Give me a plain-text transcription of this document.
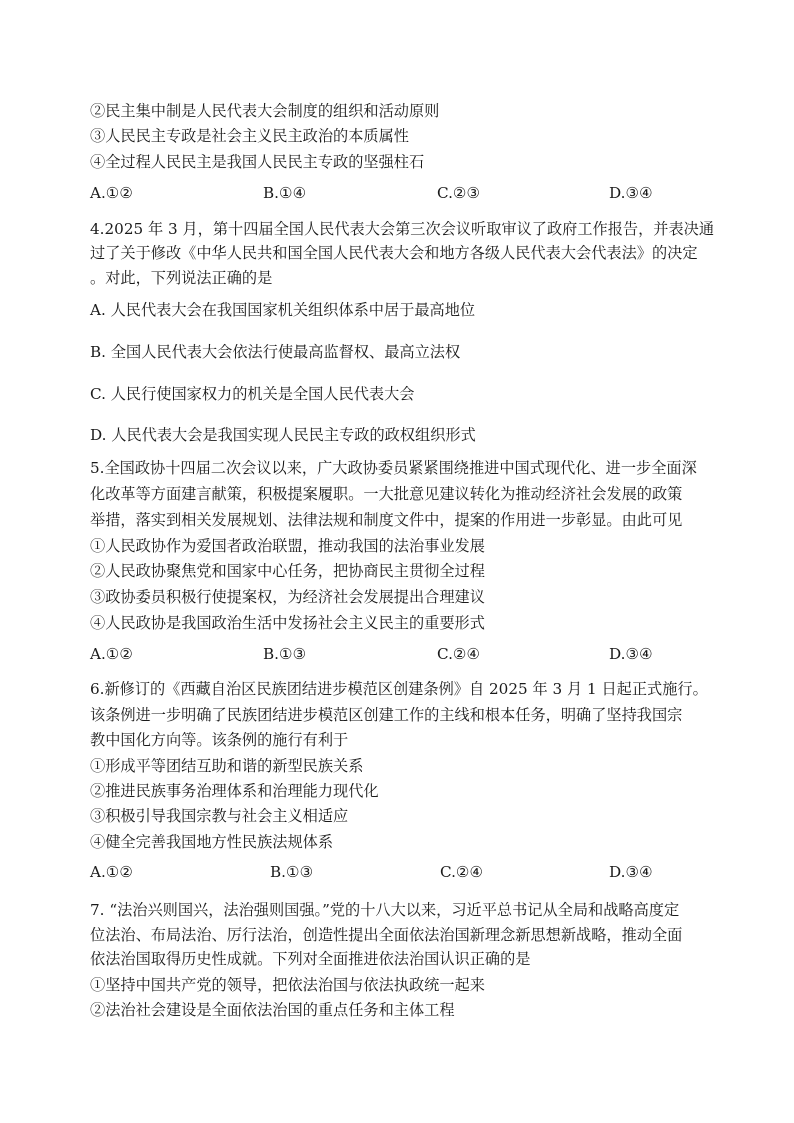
②民主集中制是人民代表大会制度的组织和活动原则
③人民民主专政是社会主义民主政治的本质属性
④全过程人民民主是我国人民民主专政的坚强柱石
A.①②	B.①④	C.②③	D.③④
4.2025 年 3 月，第十四届全国人民代表大会第三次会议听取审议了政府工作报告，并表决通
过了关于修改《中华人民共和国全国人民代表大会和地方各级人民代表大会代表法》的决定
。对此，下列说法正确的是
A. 人民代表大会在我国国家机关组织体系中居于最高地位
B. 全国人民代表大会依法行使最高监督权、最高立法权
C. 人民行使国家权力的机关是全国人民代表大会
D. 人民代表大会是我国实现人民民主专政的政权组织形式
5.全国政协十四届二次会议以来，广大政协委员紧紧围绕推进中国式现代化、进一步全面深
化改革等方面建言献策，积极提案履职。一大批意见建议转化为推动经济社会发展的政策
举措，落实到相关发展规划、法律法规和制度文件中，提案的作用进一步彰显。由此可见
①人民政协作为爱国者政治联盟，推动我国的法治事业发展
②人民政协聚焦党和国家中心任务，把协商民主贯彻全过程
③政协委员积极行使提案权，为经济社会发展提出合理建议
④人民政协是我国政治生活中发扬社会主义民主的重要形式
A.①②	B.①③	C.②④	D.③④
6.新修订的《西藏自治区民族团结进步模范区创建条例》自 2025 年 3 月 1 日起正式施行。
该条例进一步明确了民族团结进步模范区创建工作的主线和根本任务，明确了坚持我国宗
教中国化方向等。该条例的施行有利于
①形成平等团结互助和谐的新型民族关系
②推进民族事务治理体系和治理能力现代化
③积极引导我国宗教与社会主义相适应
④健全完善我国地方性民族法规体系
A.①②	B.①③	C.②④	D.③④
7. “法治兴则国兴，法治强则国强。”党的十八大以来，习近平总书记从全局和战略高度定
位法治、布局法治、厉行法治，创造性提出全面依法治国新理念新思想新战略，推动全面
依法治国取得历史性成就。下列对全面推进依法治国认识正确的是
①坚持中国共产党的领导，把依法治国与依法执政统一起来
②法治社会建设是全面依法治国的重点任务和主体工程
